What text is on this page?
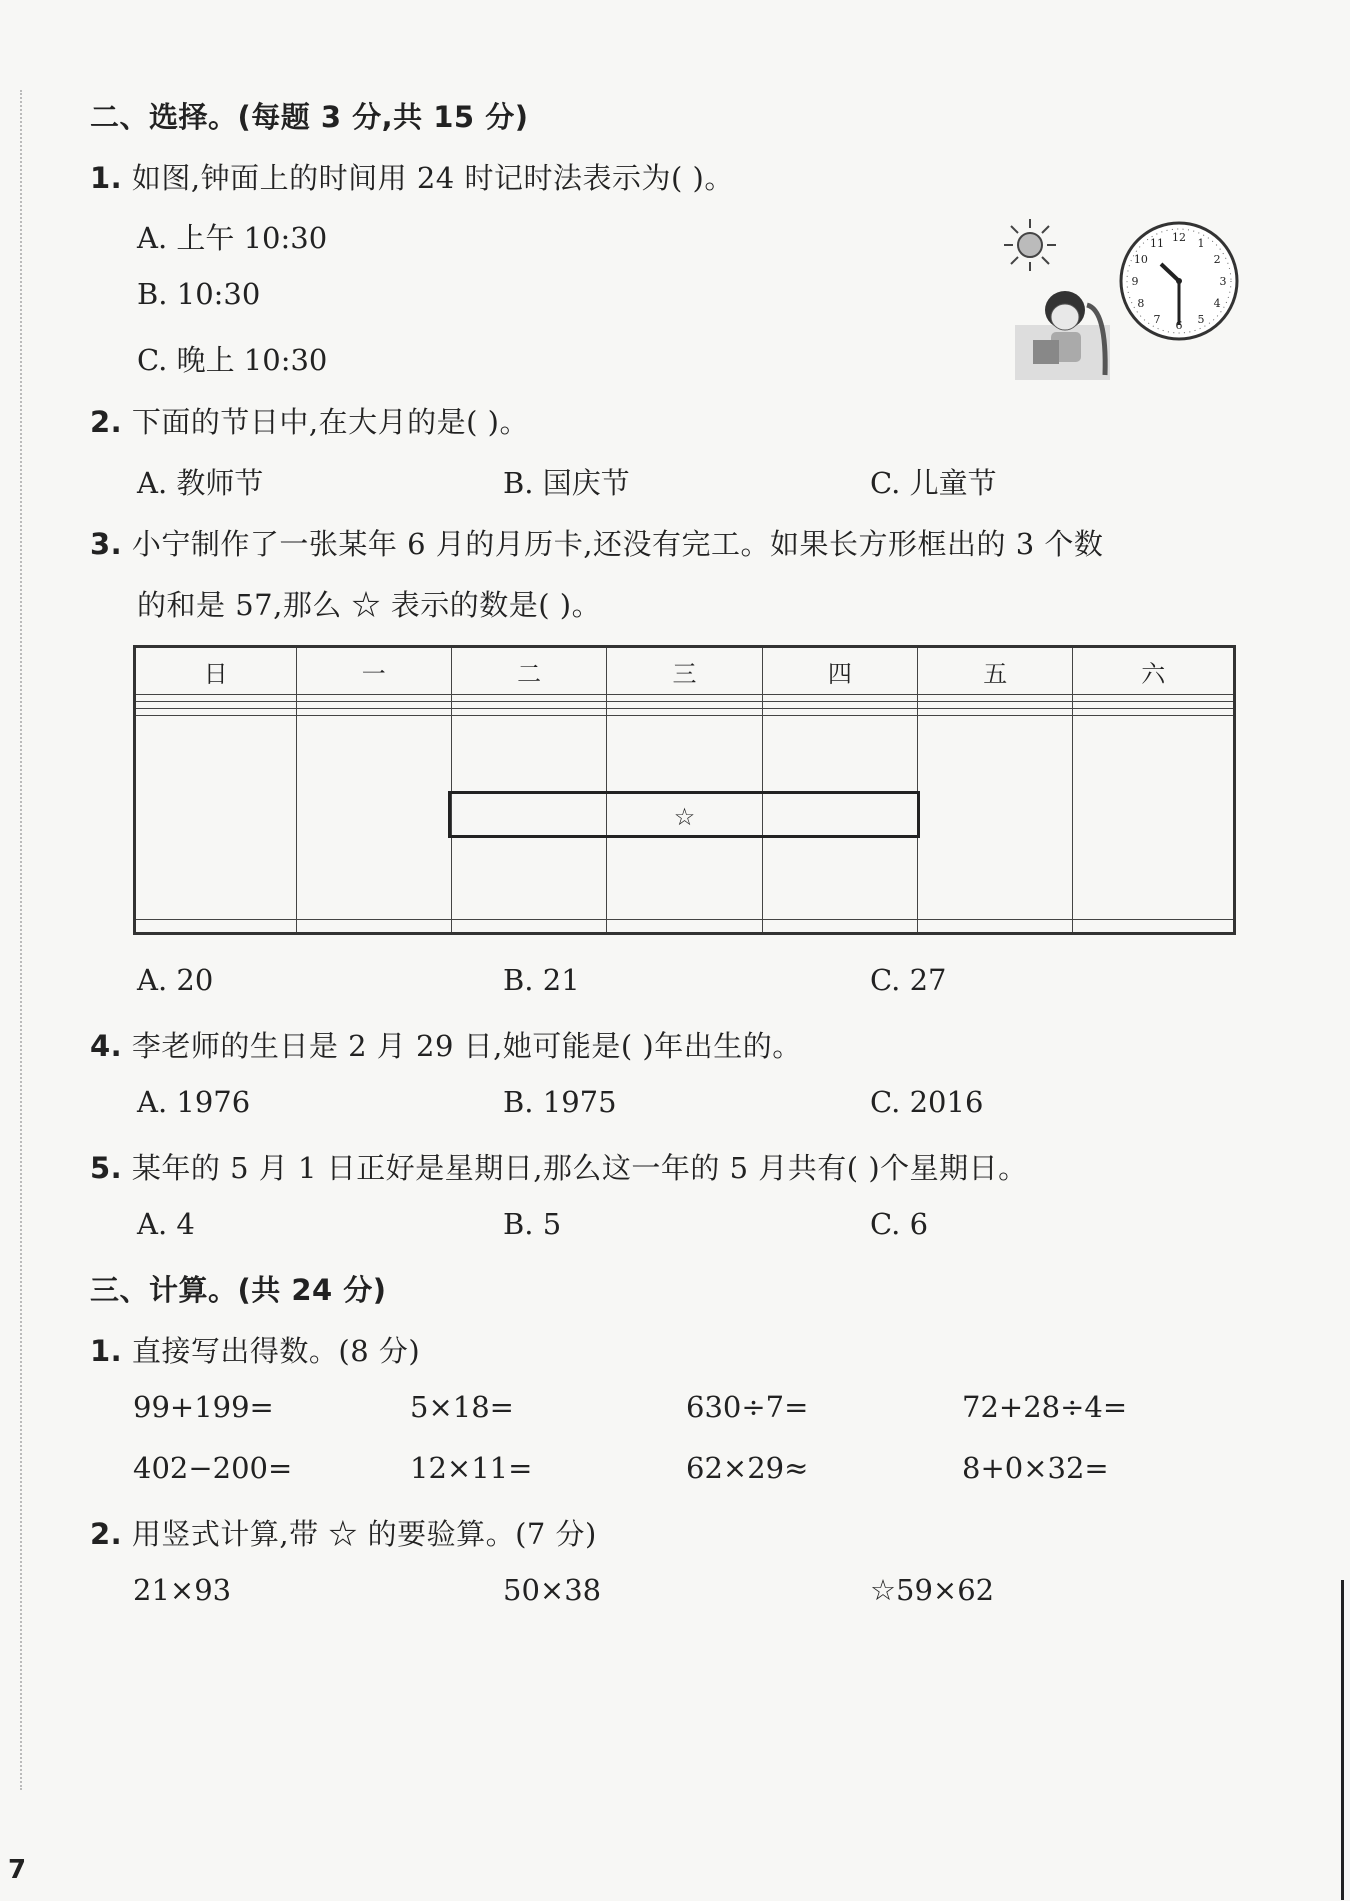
二、选择。(每题 3 分,共 15 分)
1. 如图,钟面上的时间用 24 时记时法表示为( )。
A. 上午 10:30
B. 10:30
C. 晚上 10:30
12 1
2
3
4
5
6
7
8
9
10
11
2. 下面的节日中,在大月的是( )。
A. 教师节	B. 国庆节	C. 儿童节
3. 小宁制作了一张某年 6 月的月历卡,还没有完工。如果长方形框出的 3 个数
的和是 57,那么 ☆ 表示的数是( )。
日	一	二	三	四	五	六

			☆			

A. 20	B. 21	C. 27
4. 李老师的生日是 2 月 29 日,她可能是( )年出生的。
A. 1976	B. 1975	C. 2016
5. 某年的 5 月 1 日正好是星期日,那么这一年的 5 月共有( )个星期日。
A. 4	B. 5	C. 6
三、计算。(共 24 分)
1. 直接写出得数。(8 分)
99+199=	5×18=	630÷7=	72+28÷4=
402−200=	12×11=	62×29≈	8+0×32=
2. 用竖式计算,带 ☆ 的要验算。(7 分)
21×93	50×38	☆59×62
7
